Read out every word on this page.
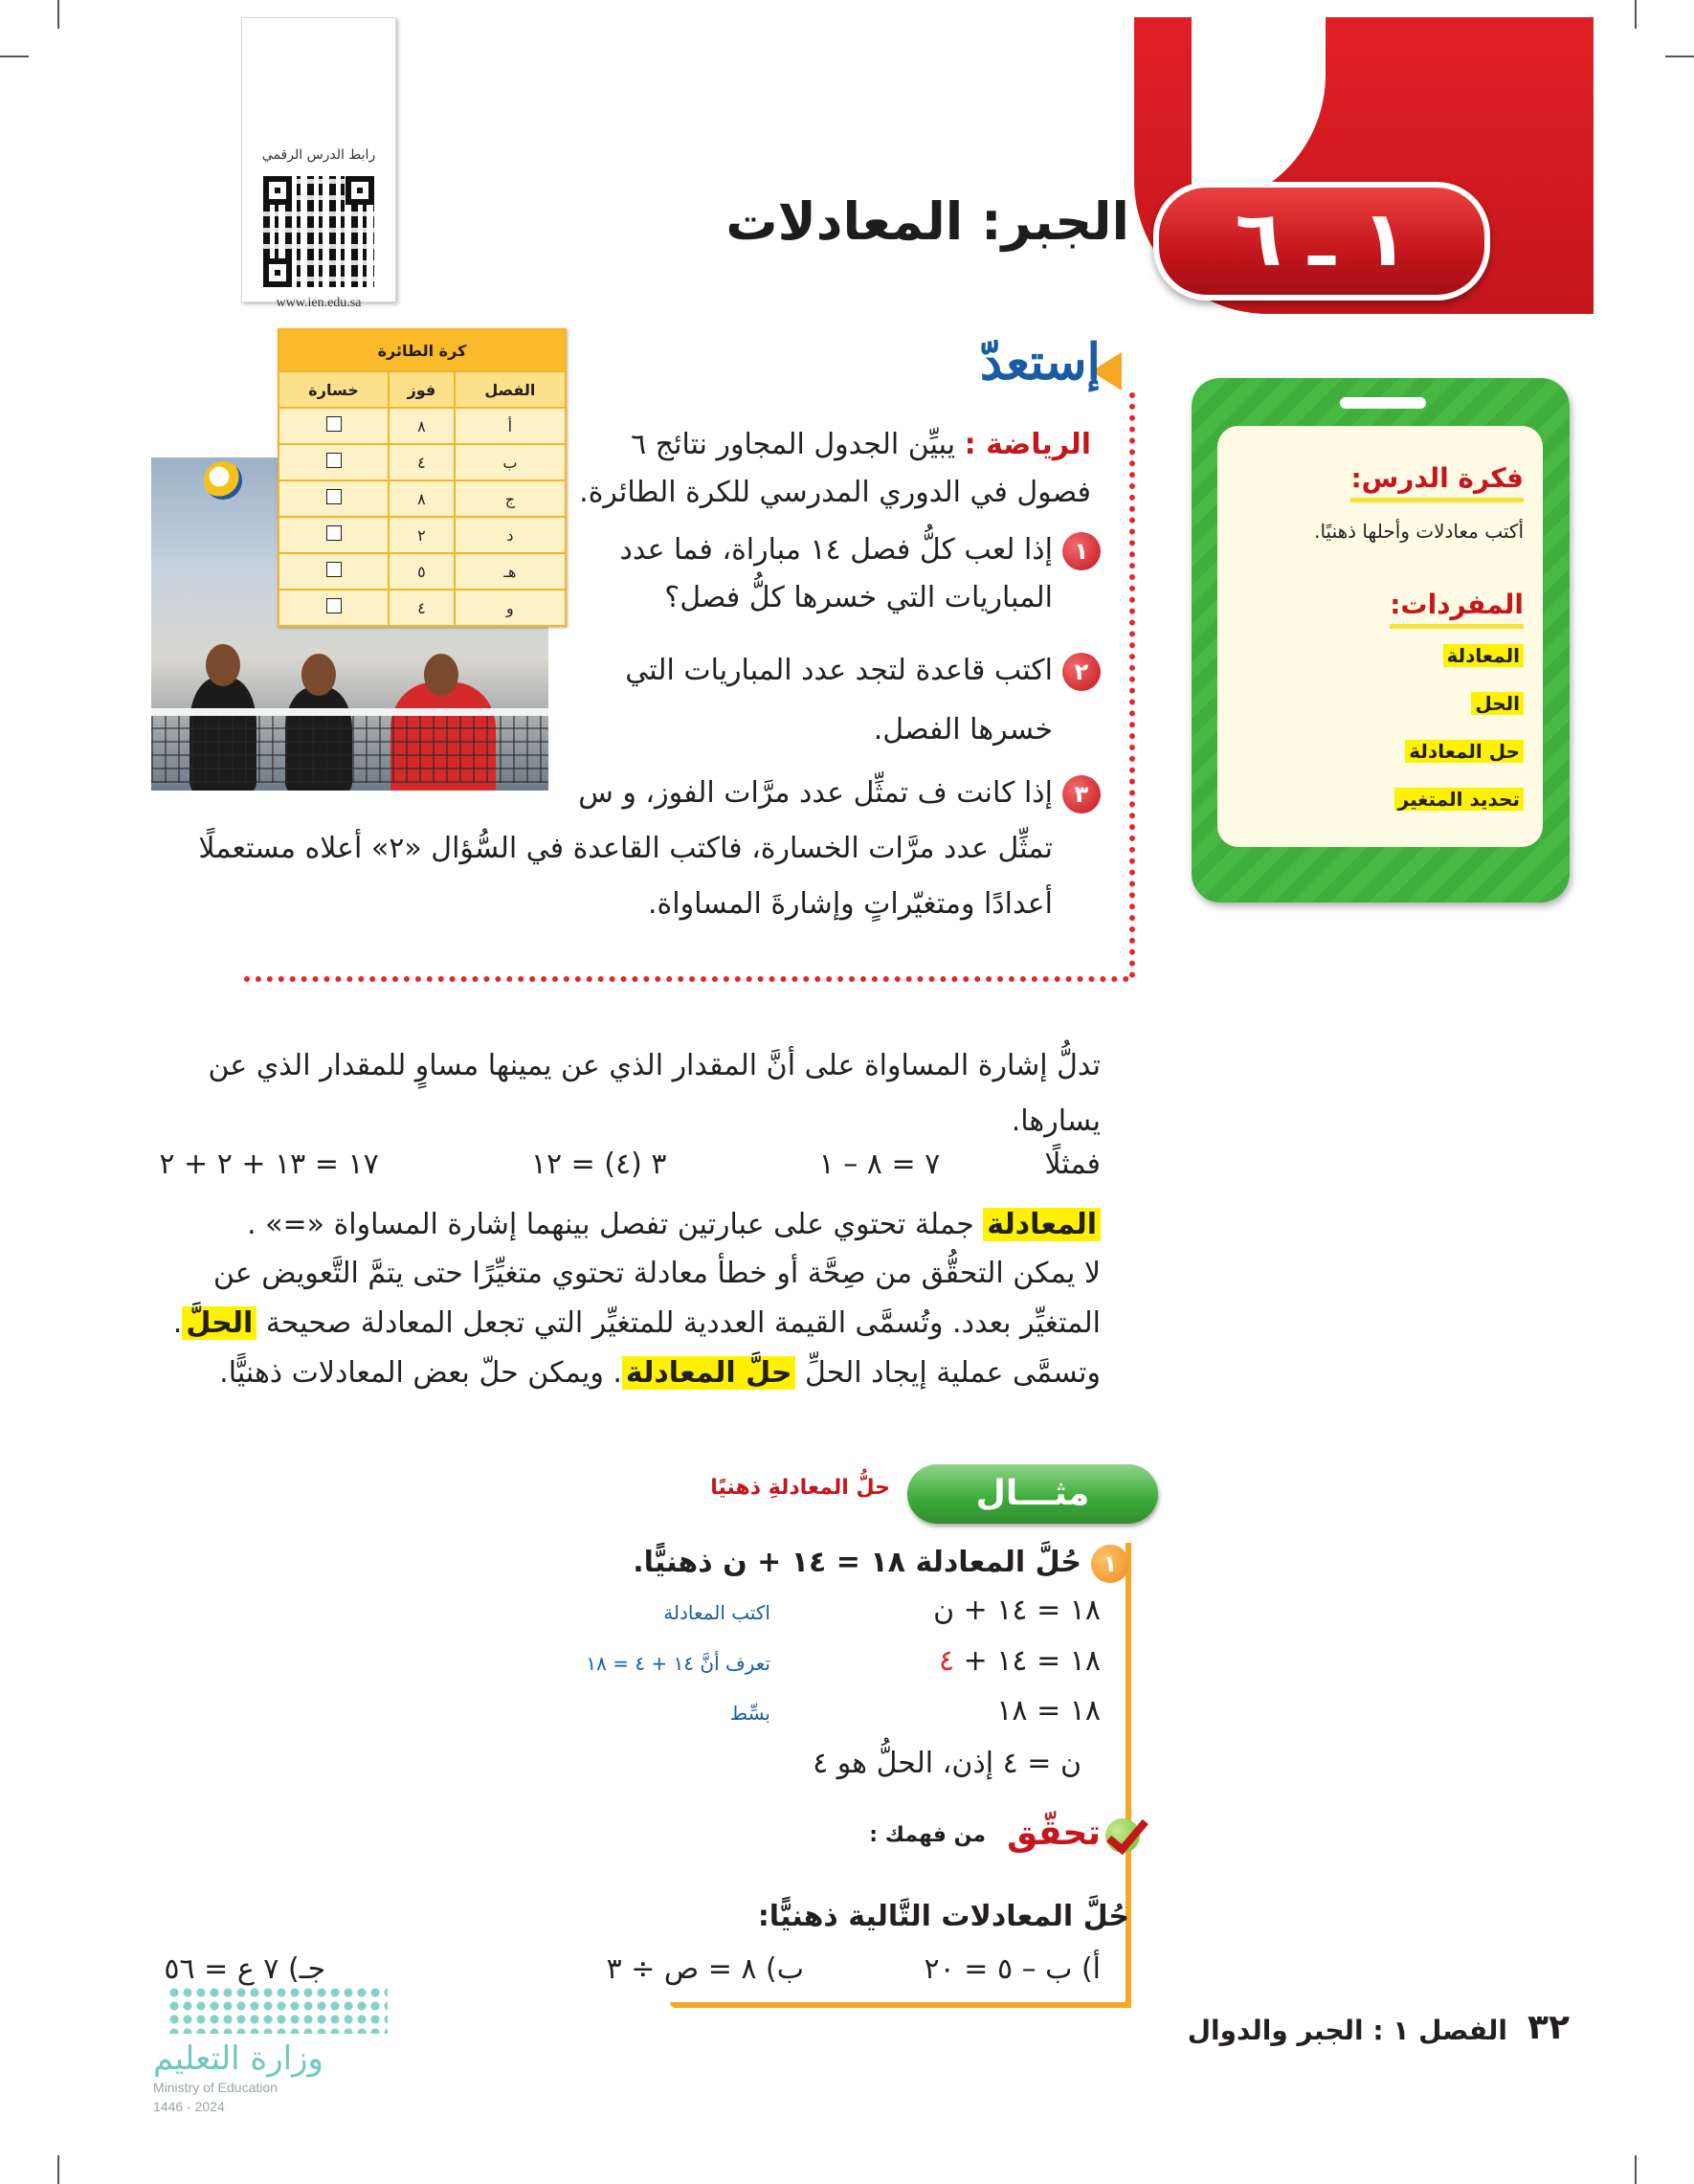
١ ـ ٦
الجبر: المعادلات
رابط الدرس الرقمي
www.ien.edu.sa
فكرة الدرس:
أكتب معادلات وأحلها ذهنيًا.
المفردات:
المعادلة
الحل
حل المعادلة
تحديد المتغير
إستعدّ
الرياضة : يبيِّن الجدول المجاور نتائج ٦
فصول في الدوري المدرسي للكرة الطائرة.
١إذا لعب كلُّ فصل ١٤ مباراة، فما عدد
المباريات التي خسرها كلُّ فصل؟
٢اكتب قاعدة لتجد عدد المباريات التي
خسرها الفصل.
٣إذا كانت ف تمثِّل عدد مرَّات الفوز، و س
تمثِّل عدد مرَّات الخسارة، فاكتب القاعدة في السُّؤال «٢» أعلاه مستعملًا
أعدادًا ومتغيّراتٍ وإشارةَ المساواة.
كرة الطائرة		
الفصل	فوز	خسارة
أ	٨	
ب	٤	
ج	٨	
د	٢	
هـ	٥	
و	٤	
تدلُّ إشارة المساواة على أنَّ المقدار الذي عن يمينها مساوٍ للمقدار الذي عن
يسارها.
فمثلًا  ٧ = ٨ – ١  ٣ (٤) = ١٢  ١٧ = ١٣ + ٢ + ٢
المعادلة جملة تحتوي على عبارتين تفصل بينهما إشارة المساواة «=» .
لا يمكن التحقُّق من صِحَّة أو خطأ معادلة تحتوي متغيِّرًا حتى يتمَّ التَّعويض عن
المتغيِّر بعدد. وتُسمَّى القيمة العددية للمتغيِّر التي تجعل المعادلة صحيحة الحلَّ.
وتسمَّى عملية إيجاد الحلِّ حلَّ المعادلة. ويمكن حلّ بعض المعادلات ذهنيًّا.
مثـــال
حلُّ المعادلةِ ذهنيًا
١حُلَّ المعادلة ١٨ = ١٤ + ن ذهنيًّا.
١٨ = ١٤ + ن
اكتب المعادلة
١٨ = ١٤ + ٤
تعرف أنَّ ١٤ + ٤ = ١٨
١٨ = ١٨
بسِّط
ن = ٤ إذن، الحلُّ هو ٤
تحقّق
من فهمك :
حُلَّ المعادلات التَّالية ذهنيًّا:
أ) ب – ٥ = ٢٠
ب) ٨ = ص ÷ ٣
جـ) ٧ ع = ٥٦
الفصل ١ : الجبر والدوال ٣٢
وزارة التعليم
Ministry of Education
2024 - 1446
